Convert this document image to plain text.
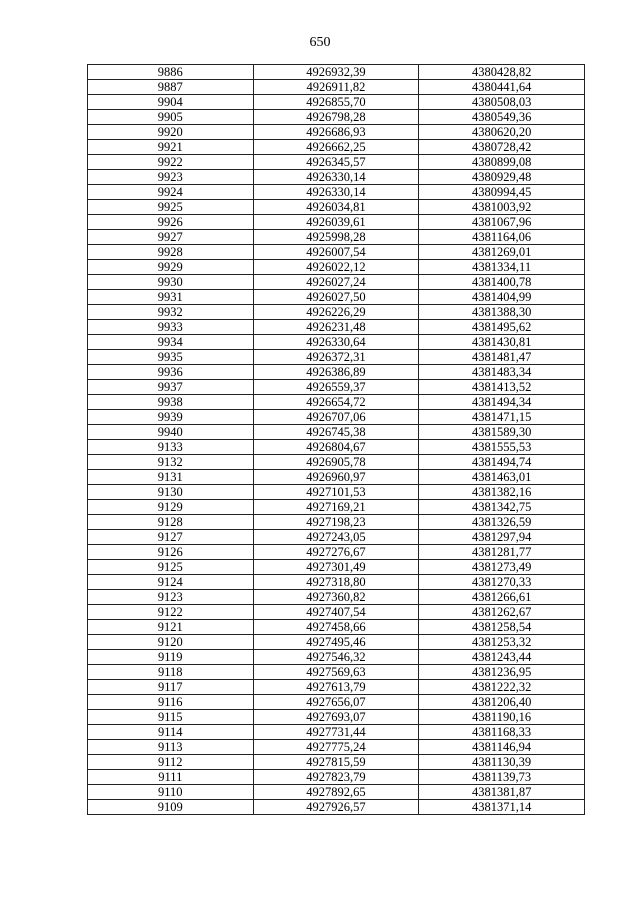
650
9886	4926932,39	4380428,82
9887	4926911,82	4380441,64
9904	4926855,70	4380508,03
9905	4926798,28	4380549,36
9920	4926686,93	4380620,20
9921	4926662,25	4380728,42
9922	4926345,57	4380899,08
9923	4926330,14	4380929,48
9924	4926330,14	4380994,45
9925	4926034,81	4381003,92
9926	4926039,61	4381067,96
9927	4925998,28	4381164,06
9928	4926007,54	4381269,01
9929	4926022,12	4381334,11
9930	4926027,24	4381400,78
9931	4926027,50	4381404,99
9932	4926226,29	4381388,30
9933	4926231,48	4381495,62
9934	4926330,64	4381430,81
9935	4926372,31	4381481,47
9936	4926386,89	4381483,34
9937	4926559,37	4381413,52
9938	4926654,72	4381494,34
9939	4926707,06	4381471,15
9940	4926745,38	4381589,30
9133	4926804,67	4381555,53
9132	4926905,78	4381494,74
9131	4926960,97	4381463,01
9130	4927101,53	4381382,16
9129	4927169,21	4381342,75
9128	4927198,23	4381326,59
9127	4927243,05	4381297,94
9126	4927276,67	4381281,77
9125	4927301,49	4381273,49
9124	4927318,80	4381270,33
9123	4927360,82	4381266,61
9122	4927407,54	4381262,67
9121	4927458,66	4381258,54
9120	4927495,46	4381253,32
9119	4927546,32	4381243,44
9118	4927569,63	4381236,95
9117	4927613,79	4381222,32
9116	4927656,07	4381206,40
9115	4927693,07	4381190,16
9114	4927731,44	4381168,33
9113	4927775,24	4381146,94
9112	4927815,59	4381130,39
9111	4927823,79	4381139,73
9110	4927892,65	4381381,87
9109	4927926,57	4381371,14
